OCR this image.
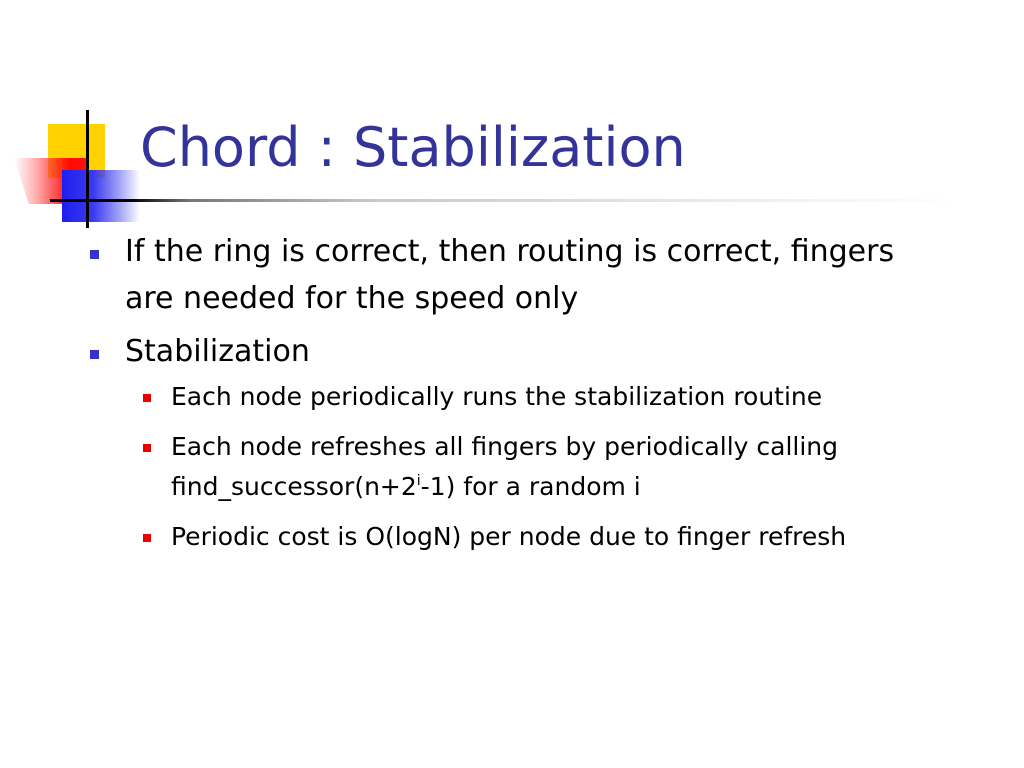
Chord : Stabilization
If the ring is correct, then routing is correct, fingers are needed for the speed only
Stabilization
Each node periodically runs the stabilization routine
Each node refreshes all fingers by periodically calling $find\_successor(n+2^i-1)$ for a random i
Periodic cost is O(logN) per node due to finger refresh
